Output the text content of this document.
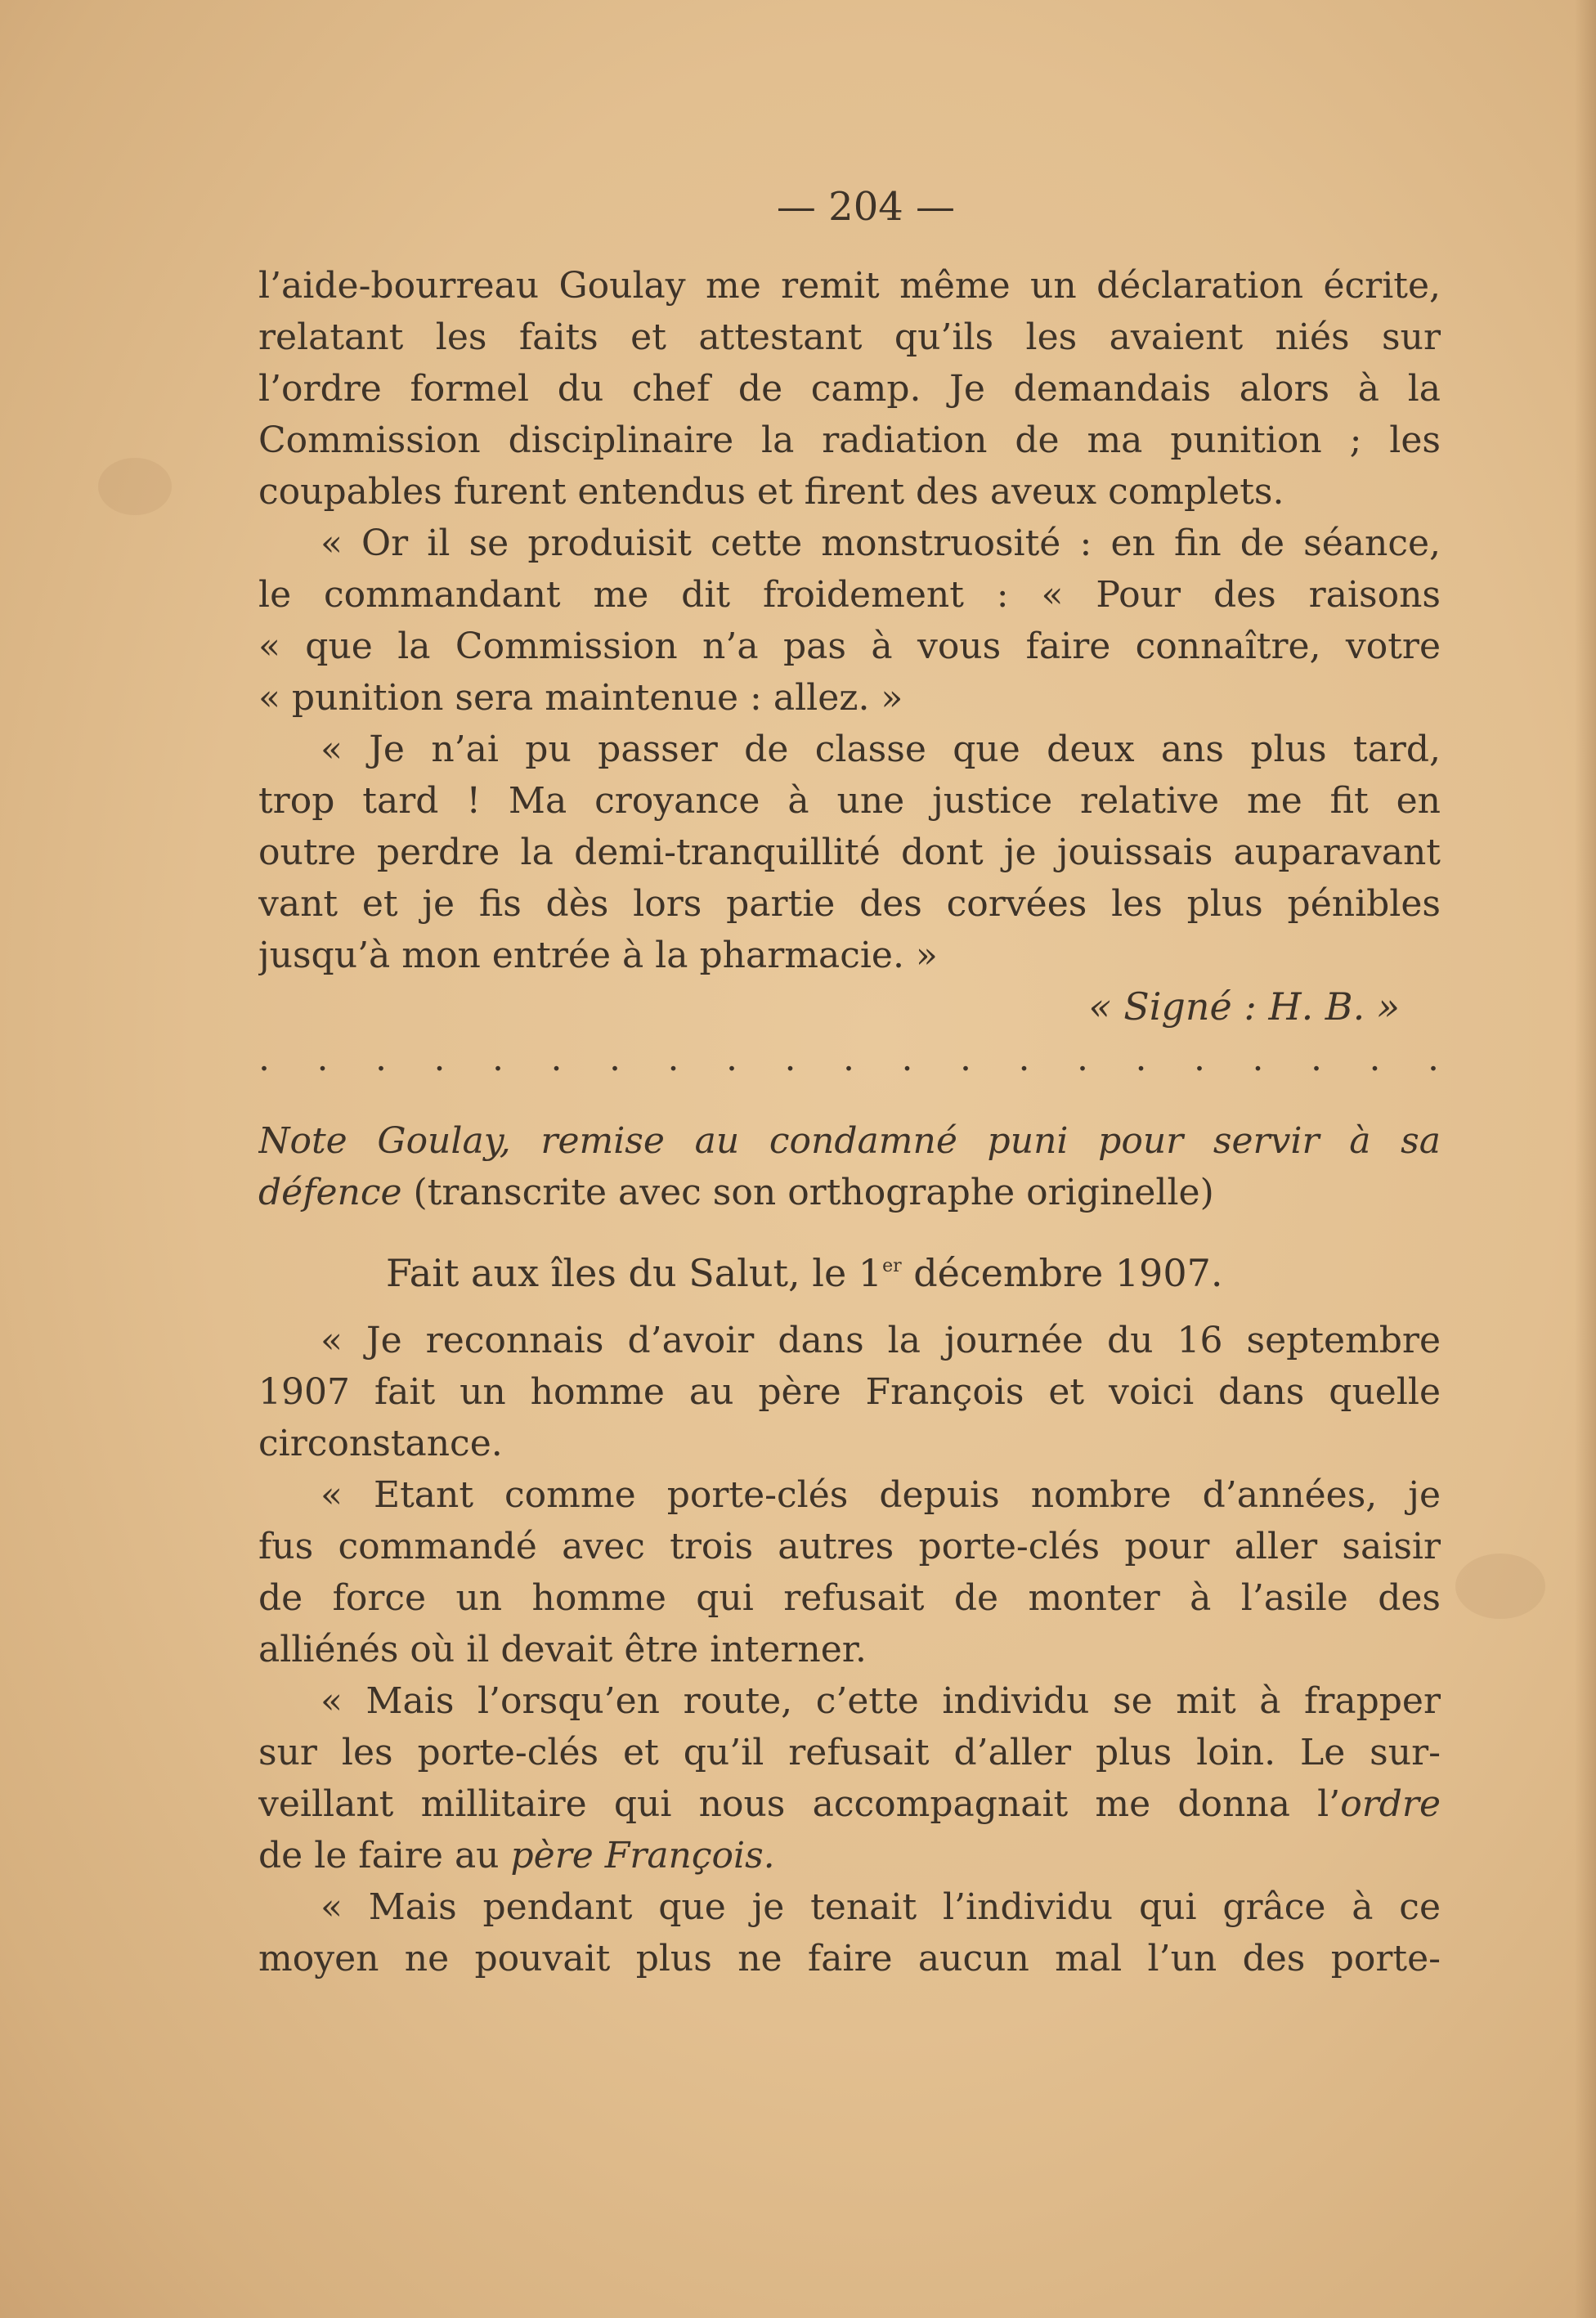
— 204 —
l’aide-bourreau Goulay me remit même un déclaration écrite,
relatant les faits et attestant qu’ils les avaient niés sur
l’ordre formel du chef de camp. Je demandais alors à la
Commission disciplinaire la radiation de ma punition ; les
coupables furent entendus et firent des aveux complets.
« Or il se produisit cette monstruosité : en fin de séance,
le commandant me dit froidement : « Pour des raisons
« que la Commission n’a pas à vous faire connaître, votre
« punition sera maintenue : allez. »
« Je n’ai pu passer de classe que deux ans plus tard,
trop tard ! Ma croyance à une justice relative me fit en
outre perdre la demi-tranquillité dont je jouissais auparavant
vant et je fis dès lors partie des corvées les plus pénibles
jusqu’à mon entrée à la pharmacie. »
« Signé : H. B. »
. . . . . . . . . . . . . . . . . . . . .
Note Goulay, remise au condamné puni pour servir à sa
défence (transcrite avec son orthographe originelle)
Fait aux îles du Salut, le 1er décembre 1907.
« Je reconnais d’avoir dans la journée du 16 septembre
1907 fait un homme au père François et voici dans quelle
circonstance.
« Etant comme porte-clés depuis nombre d’années, je
fus commandé avec trois autres porte-clés pour aller saisir
de force un homme qui refusait de monter à l’asile des
alliénés où il devait être interner.
« Mais l’orsqu’en route, c’ette individu se mit à frapper
sur les porte-clés et qu’il refusait d’aller plus loin. Le sur-
veillant millitaire qui nous accompagnait me donna l’ordre
de le faire au père François.
« Mais pendant que je tenait l’individu qui grâce à ce
moyen ne pouvait plus ne faire aucun mal l’un des porte-
